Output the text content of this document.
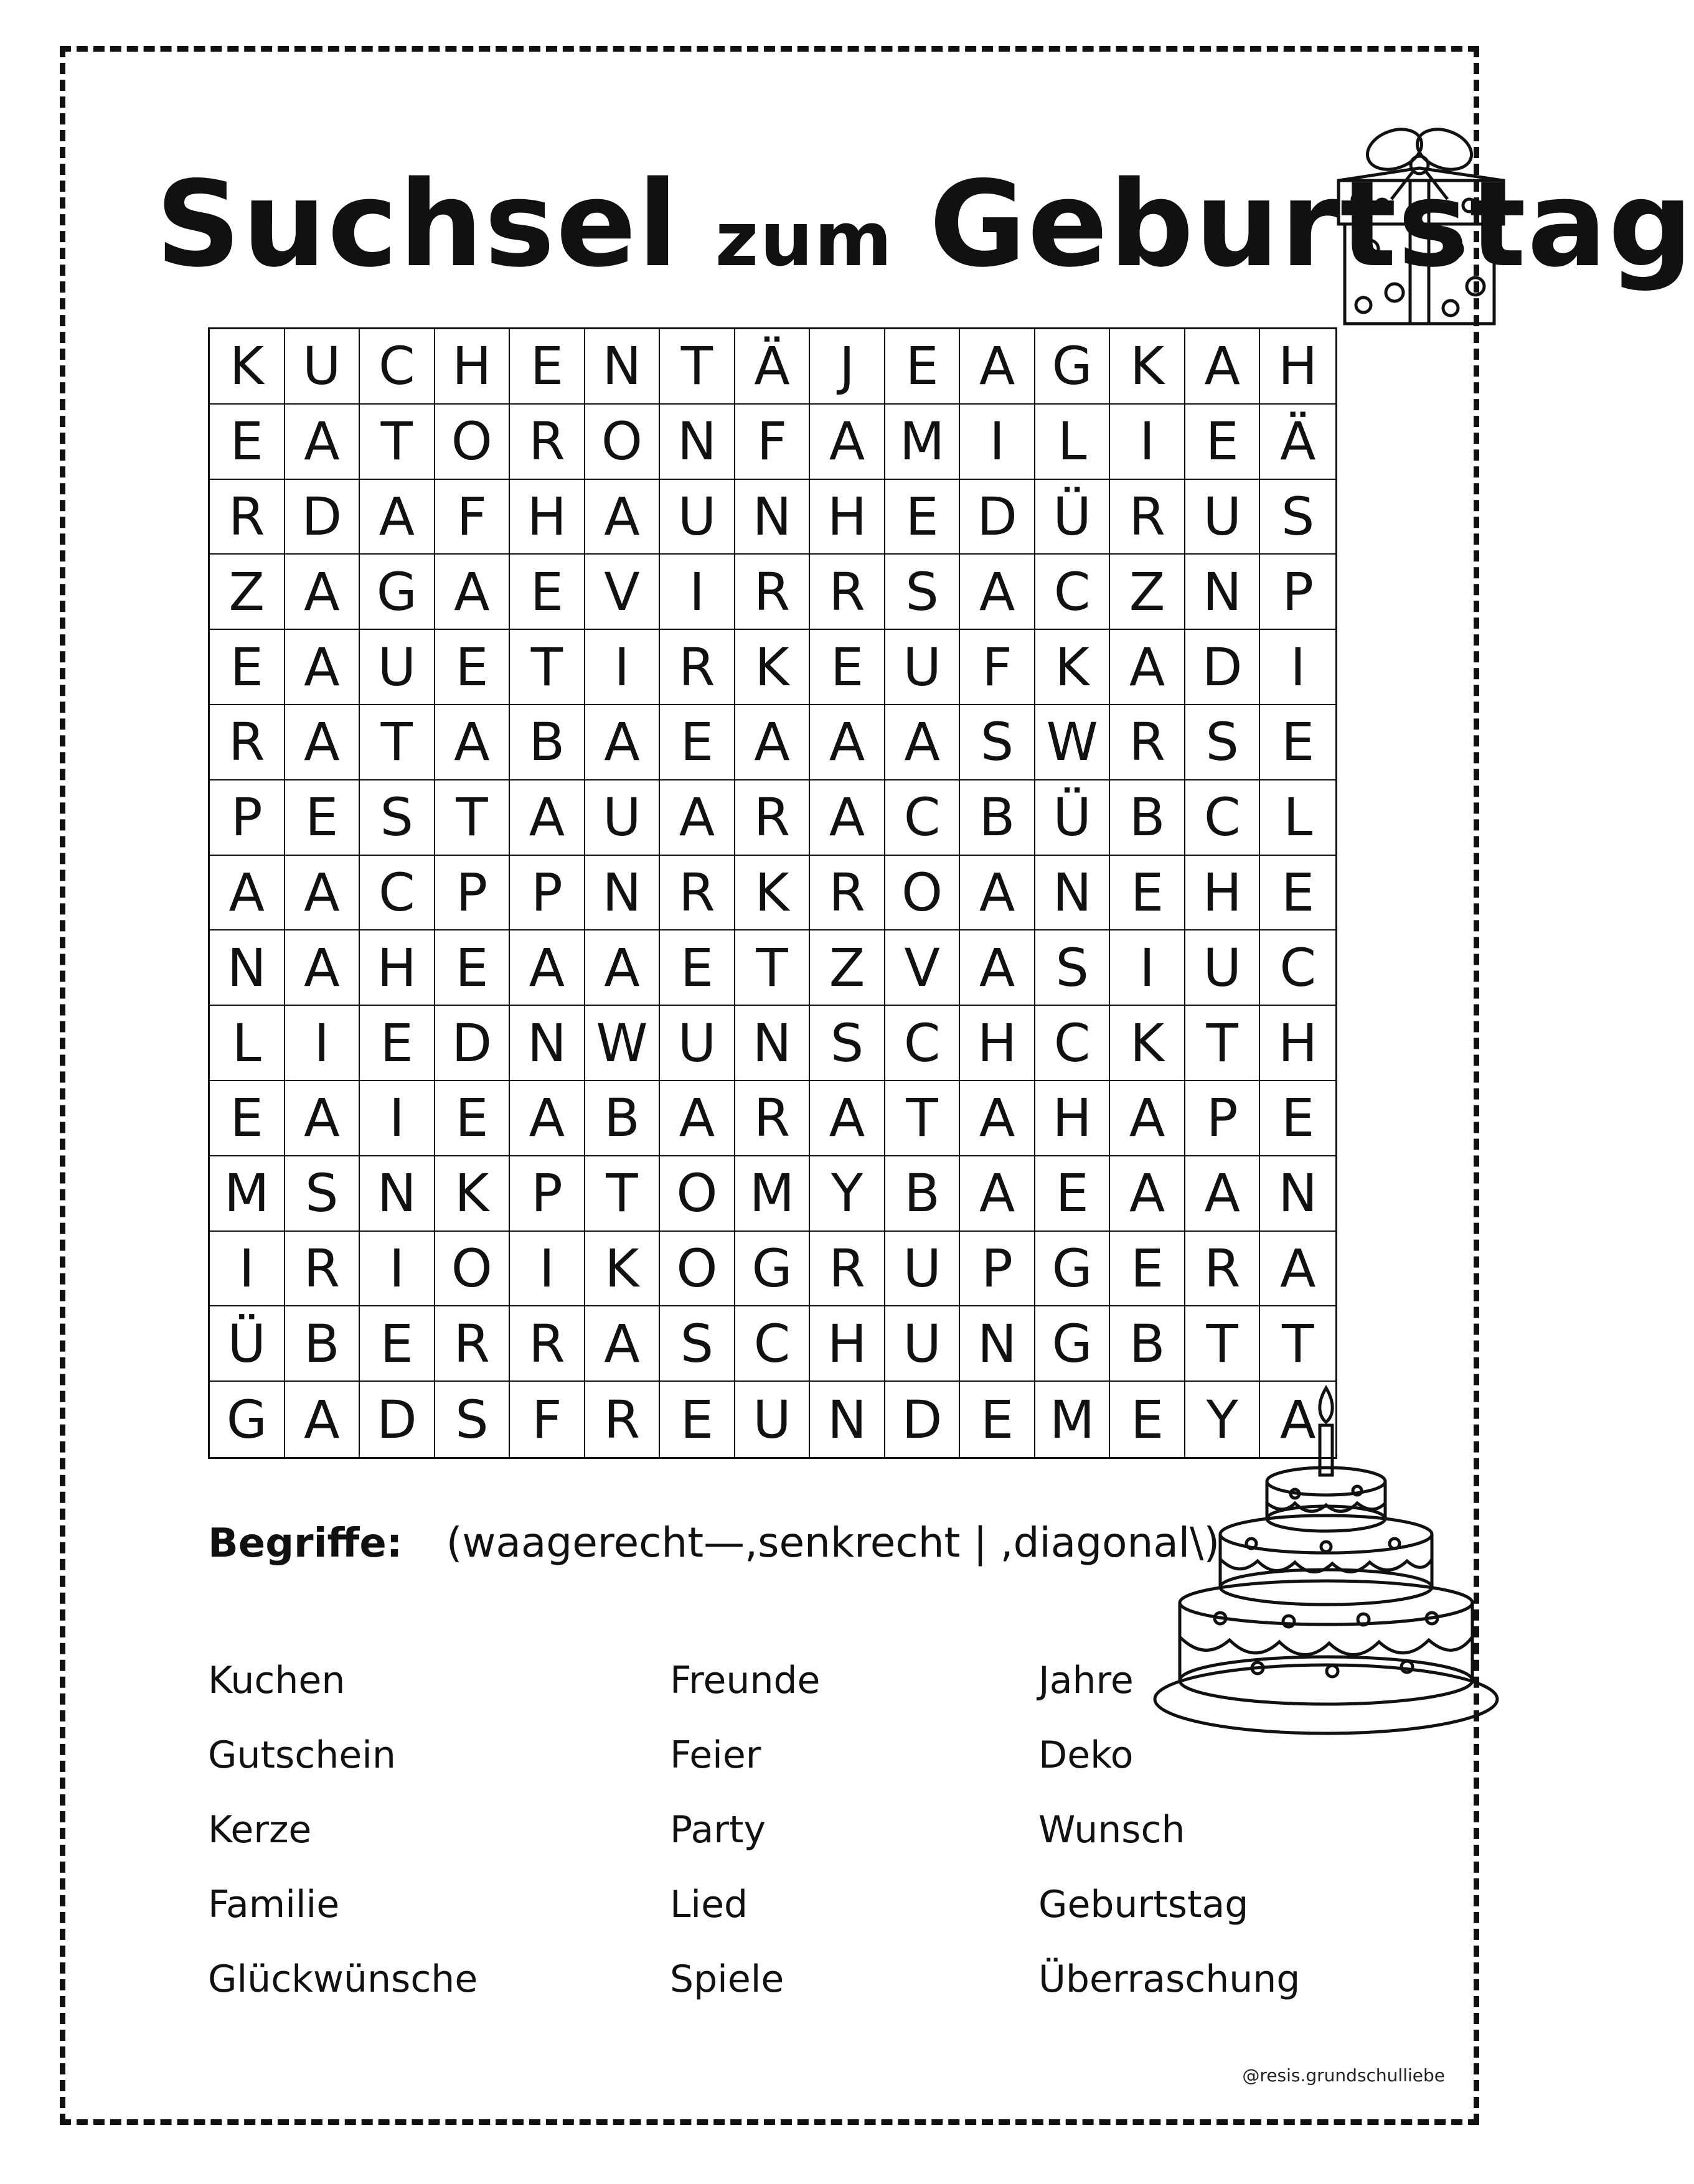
Suchsel zum Geburtstag
K U C H E N T Ä J E A G K A H
E A T O R O N F A M I	L	I E Ä
R D A F H A U N H E D Ü R U S
Z A G A E V I R R S A C Z N P
E A U E T I R K E U F K A D I
R A T A B A E A A A S W R S E
P E S T A U A R A C B Ü B C L
A A C P P N R K R O A N E H E
N A H E A A E T Z V A S I U C
L	I E D N W U N S C H C K T H
E A I E A B A R A T A H A P E
M S N K P T O M Y B A E A A N
I R I O I K O G R U P G E R A
Ü B E R R A S C H U N G B T T
G A D S F R E U N D E M E Y A
Begriffe: (waagerecht—,senkrecht | ,diagonal\)
Kuchen
Gutschein
Kerze
Familie
Glückwünsche
Freunde
Feier
Party
Lied
Spiele
Jahre
Deko
Wunsch
Geburtstag
Überraschung
@resis.grundschulliebe
